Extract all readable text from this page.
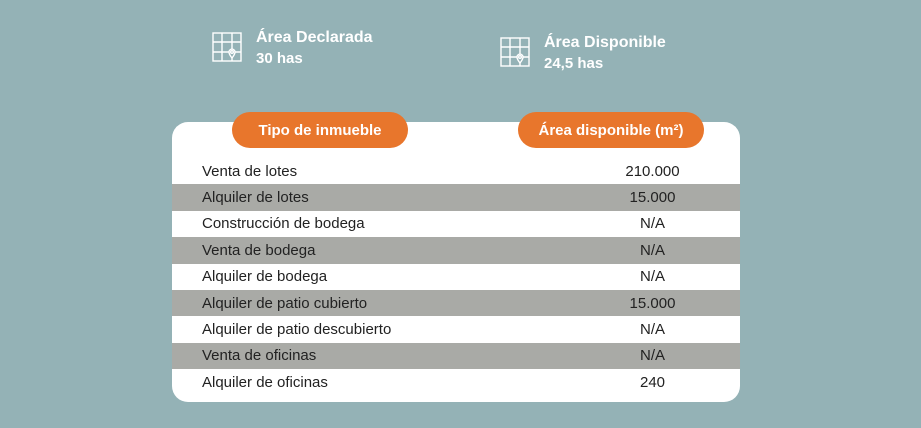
Área Declarada
30 has
Área Disponible
24,5 has
Tipo de inmueble	Área disponible (m²)
Venta de lotes	210.000
Alquiler de lotes	15.000
Construcción de bodega	N/A
Venta de bodega	N/A
Alquiler de bodega	N/A
Alquiler de patio cubierto	15.000
Alquiler de patio descubierto	N/A
Venta de oficinas	N/A
Alquiler de oficinas	240
